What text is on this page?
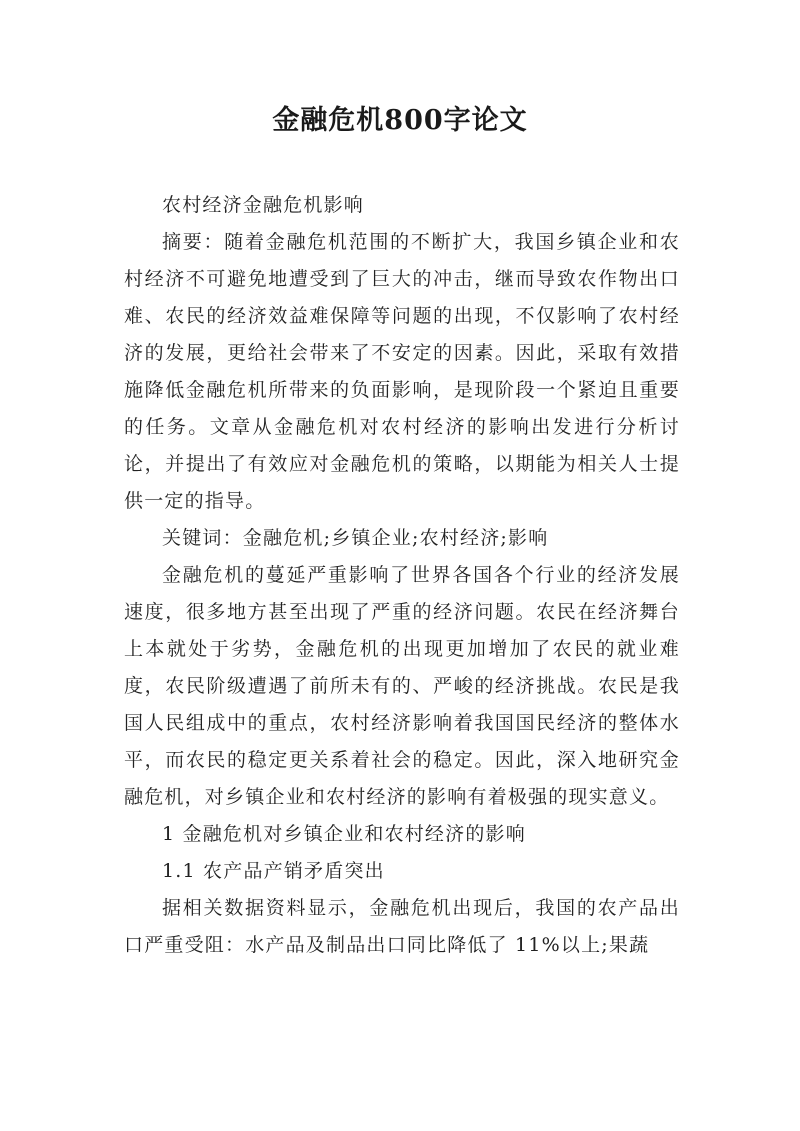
金融危机800字论文

农村经济金融危机影响

摘要：随着金融危机范围的不断扩大，我国乡镇企业和农村经济不可避免地遭受到了巨大的冲击，继而导致农作物出口难、农民的经济效益难保障等问题的出现，不仅影响了农村经济的发展，更给社会带来了不安定的因素。因此，采取有效措施降低金融危机所带来的负面影响，是现阶段一个紧迫且重要的任务。文章从金融危机对农村经济的影响出发进行分析讨论，并提出了有效应对金融危机的策略，以期能为相关人士提供一定的指导。

关键词：金融危机;乡镇企业;农村经济;影响

金融危机的蔓延严重影响了世界各国各个行业的经济发展速度，很多地方甚至出现了严重的经济问题。农民在经济舞台上本就处于劣势，金融危机的出现更加增加了农民的就业难度，农民阶级遭遇了前所未有的、严峻的经济挑战。农民是我国人民组成中的重点，农村经济影响着我国国民经济的整体水平，而农民的稳定更关系着社会的稳定。因此，深入地研究金融危机，对乡镇企业和农村经济的影响有着极强的现实意义。

1 金融危机对乡镇企业和农村经济的影响

1.1 农产品产销矛盾突出

据相关数据资料显示，金融危机出现后，我国的农产品出口严重受阻：水产品及制品出口同比降低了 11%以上;果蔬
